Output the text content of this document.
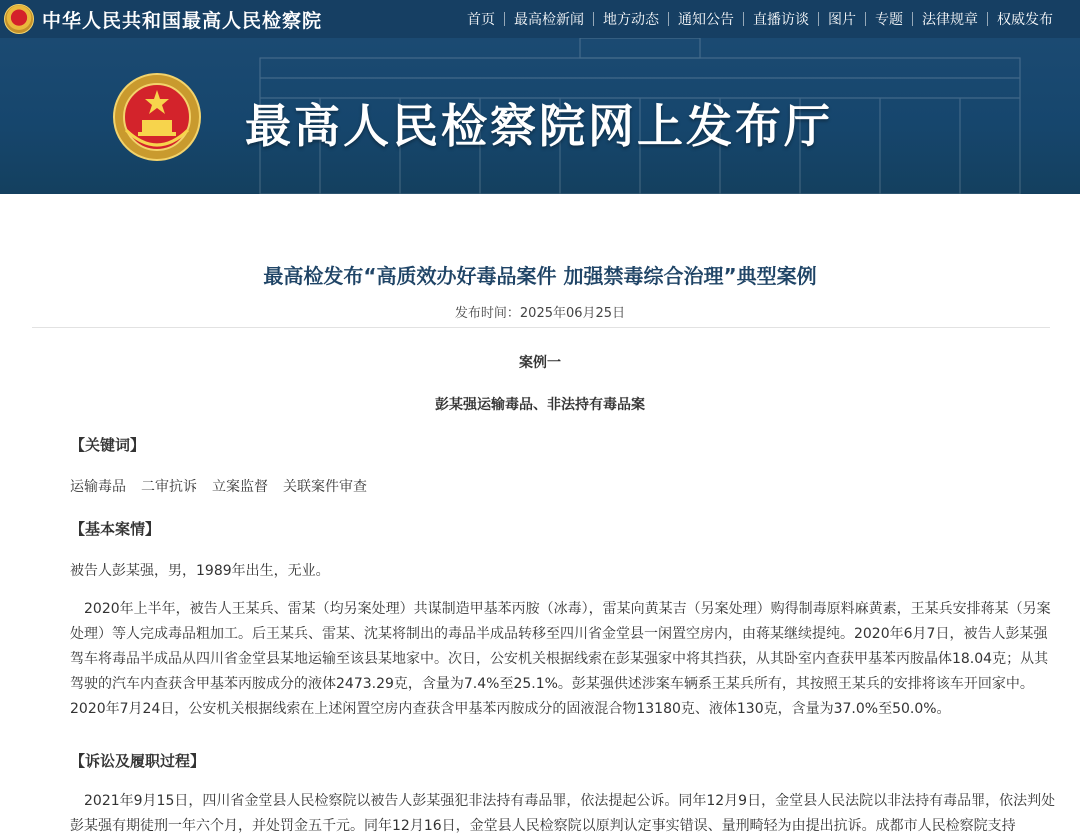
中华人民共和国最高人民检察院	首页	最高检新闻	地方动态	通知公告	直播访谈	图片	专题	法律规章	权威发布
最高人民检察院网上发布厅
最高检发布“高质效办好毒品案件 加强禁毒综合治理”典型案例
发布时间：2025年06月25日
案例一
彭某强运输毒品、非法持有毒品案
【关键词】
运输毒品 二审抗诉 立案监督 关联案件审查
【基本案情】
被告人彭某强，男，1989年出生，无业。
　2020年上半年，被告人王某兵、雷某（均另案处理）共谋制造甲基苯丙胺（冰毒），雷某向黄某吉（另案处理）购得制毒原料麻黄素，王某兵安排蒋某（另案处理）等人完成毒品粗加工。后王某兵、雷某、沈某将制出的毒品半成品转移至四川省金堂县一闲置空房内，由蒋某继续提纯。2020年6月7日，被告人彭某强驾车将毒品半成品从四川省金堂县某地运输至该县某地家中。次日，公安机关根据线索在彭某强家中将其挡获，从其卧室内查获甲基苯丙胺晶体18.04克；从其驾驶的汽车内查获含甲基苯丙胺成分的液体2473.29克，含量为7.4%至25.1%。彭某强供述涉案车辆系王某兵所有，其按照王某兵的安排将该车开回家中。2020年7月24日，公安机关根据线索在上述闲置空房内查获含甲基苯丙胺成分的固液混合物13180克、液体130克，含量为37.0%至50.0%。
【诉讼及履职过程】
　2021年9月15日，四川省金堂县人民检察院以被告人彭某强犯非法持有毒品罪，依法提起公诉。同年12月9日，金堂县人民法院以非法持有毒品罪，依法判处彭某强有期徒刑一年六个月，并处罚金五千元。同年12月16日，金堂县人民检察院以原判认定事实错误、量刑畸轻为由提出抗诉。成都市人民检察院支持
